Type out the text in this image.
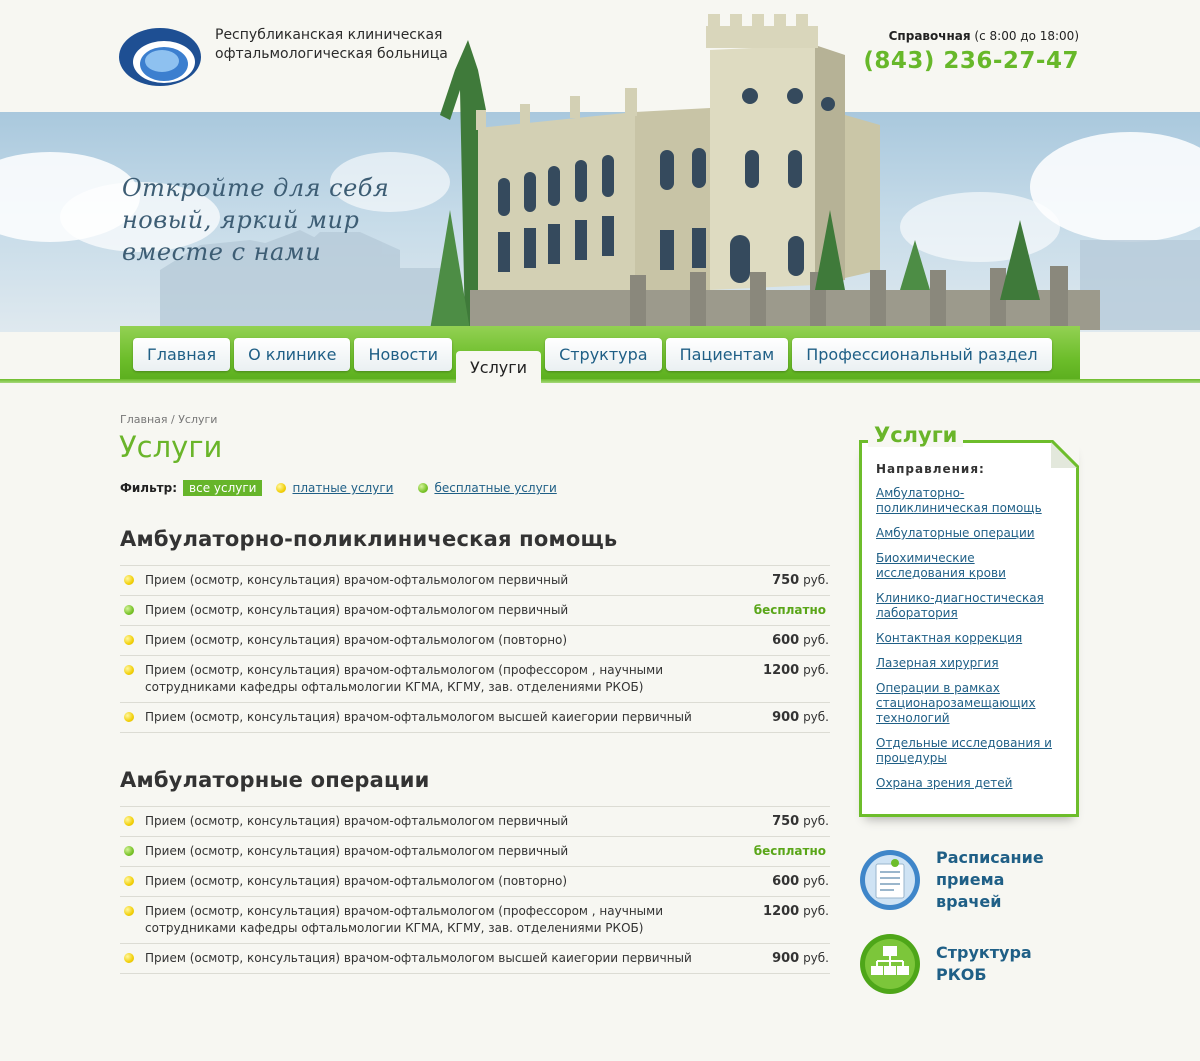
Республиканская клиническая офтальмологическая больница
Справочная (с 8:00 до 18:00)
(843) 236-27-47
Откройте для себя новый, яркий мир вместе с нами
Главная	О клинике	Новости
Услуги
Структура	Пациентам	Профессиональный раздел
Главная / Услуги
Услуги
Фильтр:	все услуги	платные услуги	бесплатные услуги
Амбулаторно-поликлиническая помощь
Прием (осмотр, консультация) врачом-офтальмологом первичный	750 руб.
Прием (осмотр, консультация) врачом-офтальмологом первичный	бесплатно
Прием (осмотр, консультация) врачом-офтальмологом (повторно)	600 руб.
Прием (осмотр, консультация) врачом-офтальмологом (профессором , научными сотрудниками кафедры офтальмологии КГМА, КГМУ, зав. отделениями РКОБ)
1200 руб.
Прием (осмотр, консультация) врачом-офтальмологом высшей каиегории первичный	900 руб.
Амбулаторные операции
Прием (осмотр, консультация) врачом-офтальмологом первичный	750 руб.
Прием (осмотр, консультация) врачом-офтальмологом первичный	бесплатно
Прием (осмотр, консультация) врачом-офтальмологом (повторно)	600 руб.
Прием (осмотр, консультация) врачом-офтальмологом (профессором , научными сотрудниками кафедры офтальмологии КГМА, КГМУ, зав. отделениями РКОБ)
1200 руб.
Прием (осмотр, консультация) врачом-офтальмологом высшей каиегории первичный	900 руб.
Услуги
Направления:
Амбулаторно-поликлиническая помощь
Амбулаторные операции
Биохимические исследования крови
Клинико-диагностическая лаборатория
Контактная коррекция
Лазерная хирургия
Операции в рамках стационарозамещающих технологий
Отдельные исследования и процедуры
Охрана зрения детей
Расписание приема врачей
Структура РКОБ
